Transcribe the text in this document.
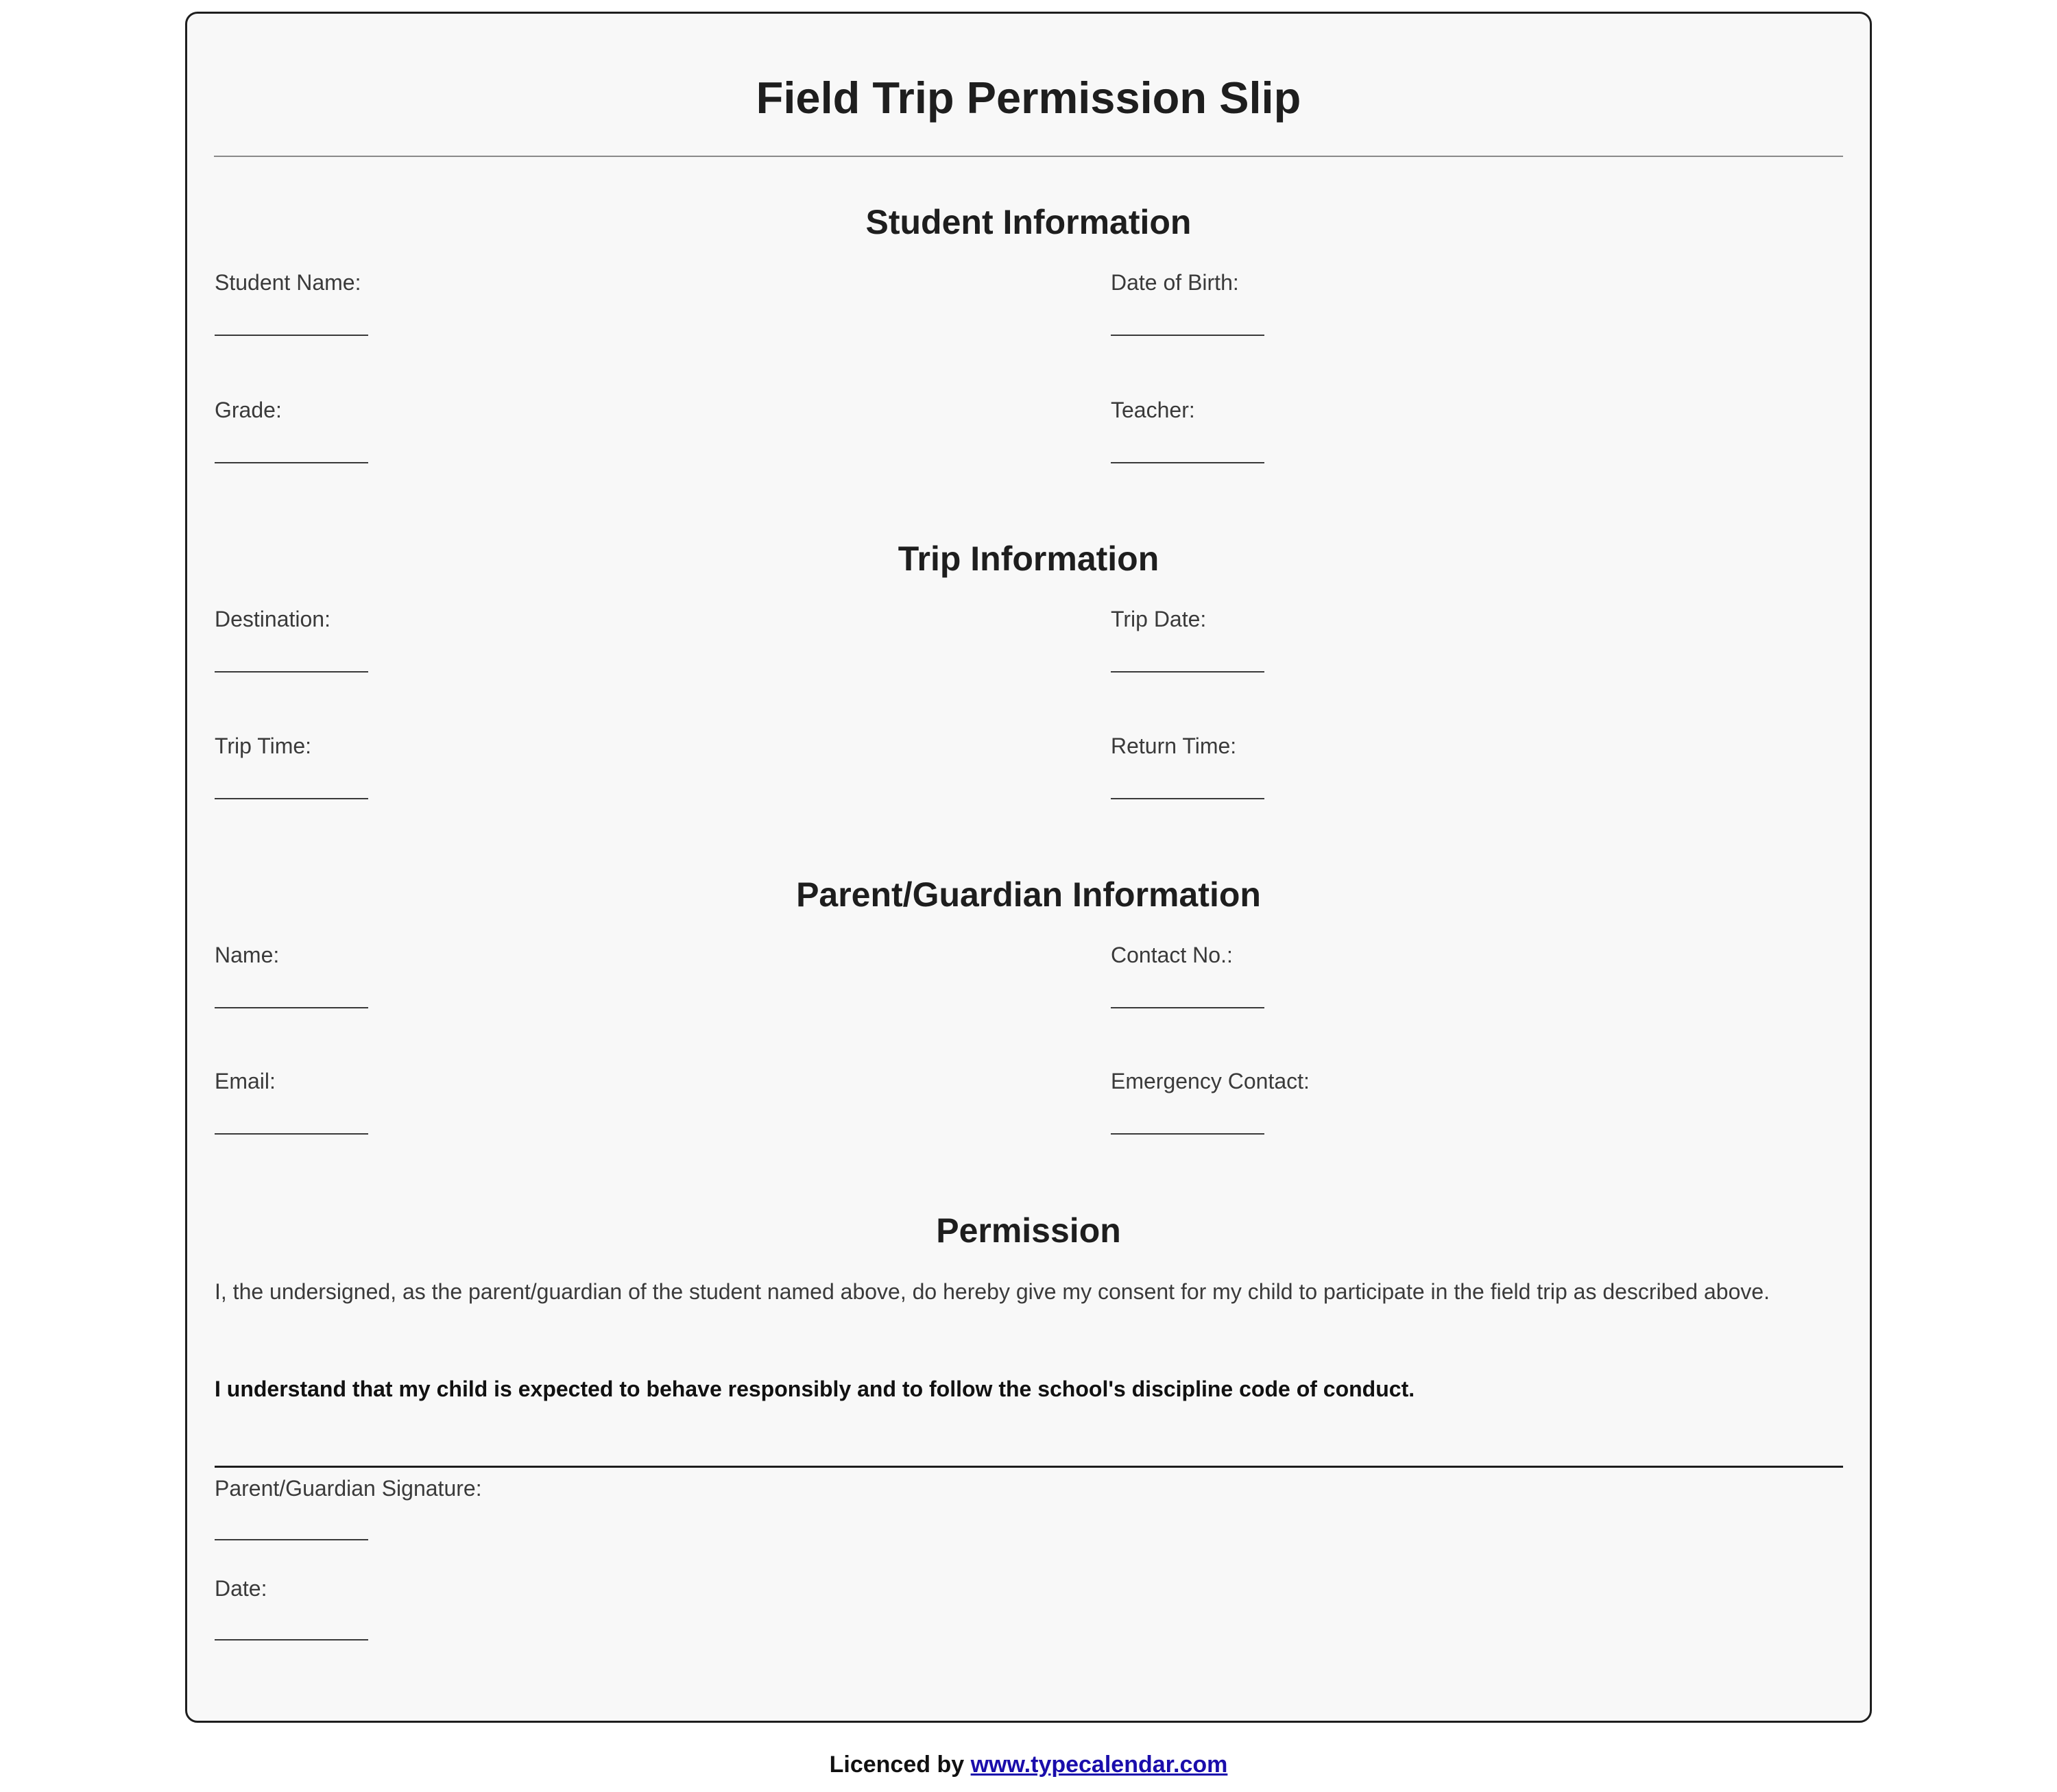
Field Trip Permission Slip
Student Information
Student Name:	Date of Birth:
Grade:	Teacher:
Trip Information
Destination:	Trip Date:
Trip Time:	Return Time:
Parent/Guardian Information
Name:	Contact No.:
Email:	Emergency Contact:
Permission

I, the undersigned, as the parent/guardian of the student named above, do hereby give my consent for my child to participate in the field trip as described above.

I understand that my child is expected to behave responsibly and to follow the school's discipline code of conduct.

Parent/Guardian Signature:
Date:
Licenced by www.typecalendar.com
